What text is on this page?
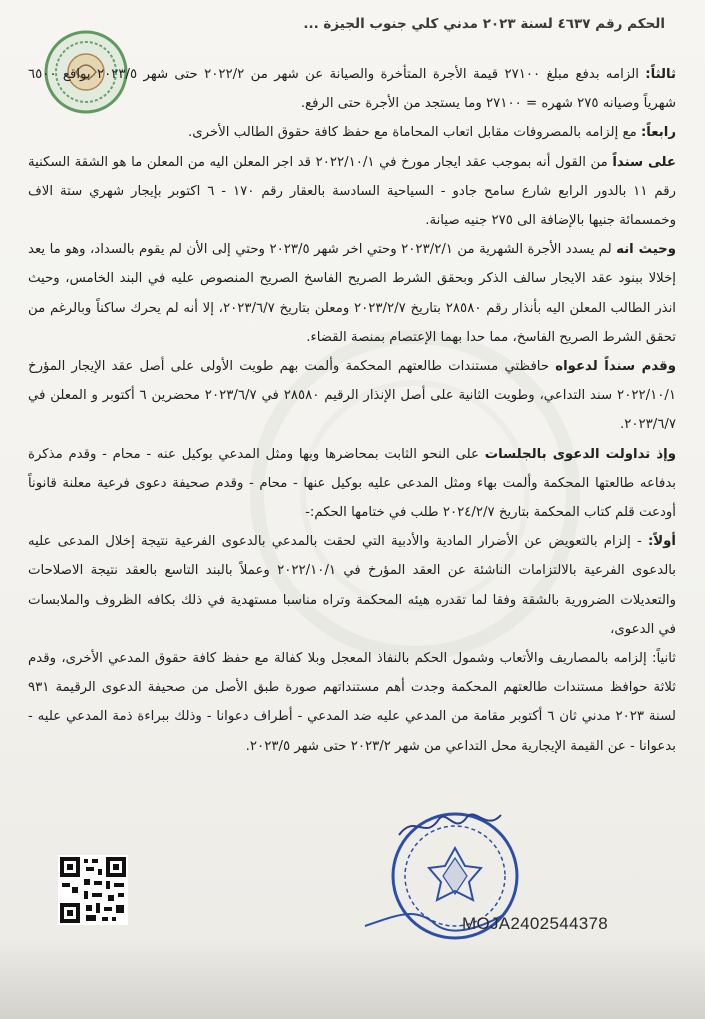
الحكم رقم ٤٦٣٧ لسنة ٢٠٢٣ مدني كلي جنوب الجيزة ...

ثالثاً: الزامه بدفع مبلغ ٢٧١٠٠ قيمة الأجرة المتأخرة والصيانة عن شهر من ٢٠٢٢/٢ حتى شهر ٢٠٢٣/٥ بواقع ٦٥٠٠ شهرياً وصيانه ٢٧٥ شهره = ٢٧١٠٠ وما يستجد من الأجرة حتى الرفع.

رابعاً: مع إلزامه بالمصروفات مقابل اتعاب المحاماة مع حفظ كافة حقوق الطالب الأخرى.

على سنداً من القول أنه بموجب عقد ايجار مورخ في ٢٠٢٢/١٠/١ قد اجر المعلن اليه من المعلن ما هو الشقة السكنية رقم ١١ بالدور الرابع شارع سامح جادو - السياحية السادسة بالعقار رقم ١٧٠ - ٦ اكتوبر بإيجار شهري ستة الاف وخمسمائة جنيها بالإضافة الى ٢٧٥ جنيه صيانة.

وحيث انه لم يسدد الأجرة الشهرية من ٢٠٢٣/٢/١ وحتي اخر شهر ٢٠٢٣/٥ وحتي إلى الأن لم يقوم بالسداد، وهو ما يعد إخلالا ببنود عقد الايجار سالف الذكر وبحقق الشرط الصريح الفاسخ الصريح المنصوص عليه في البند الخامس، وحيث انذر الطالب المعلن اليه بأنذار رقم ٢٨٥٨٠ بتاريخ ٢٠٢٣/٢/٧ ومعلن بتاريخ ٢٠٢٣/٦/٧، إلا أنه لم يحرك ساكناً وبالرغم من تحقق الشرط الصريح الفاسخ، مما حدا بهما الإعتصام بمنصة القضاء.

وقدم سنداً لدعواه حافظتي مستندات طالعتهم المحكمة وألمت بهم طويت الأولى على أصل عقد الإيجار المؤرخ ٢٠٢٢/١٠/١ سند التداعي، وطويت الثانية على أصل الإنذار الرقيم ٢٨٥٨٠ في ٢٠٢٣/٦/٧ محضرين ٦ أكتوبر و المعلن في ٢٠٢٣/٦/٧.

وإذ تداولت الدعوى بالجلسات على النحو الثابت بمحاضرها وبها ومثل المدعي بوكيل عنه - محام - وقدم مذكرة بدفاعه طالعتها المحكمة وألمت بهاء ومثل المدعى عليه بوكيل عنها - محام - وقدم صحيفة دعوى فرعية معلنة قانوناً أودعت قلم كتاب المحكمة بتاريخ ٢٠٢٤/٢/٧ طلب في ختامها الحكم:-

أولاً: - إلزام بالتعويض عن الأضرار المادية والأدبية التي لحقت بالمدعي بالدعوى الفرعية نتيجة إخلال المدعى عليه بالدعوى الفرعية بالالتزامات الناشئة عن العقد المؤرخ في ٢٠٢٢/١٠/١ وعملاً بالبند التاسع بالعقد نتيجة الاصلاحات والتعديلات الضرورية بالشقة وفقا لما تقدره هيئه المحكمة وتراه مناسبا مستهدية في ذلك بكافه الظروف والملابسات في الدعوى،

ثانياً: إلزامه بالمصاريف والأتعاب وشمول الحكم بالنفاذ المعجل وبلا كفالة مع حفظ كافة حقوق المدعي الأخرى، وقدم ثلاثة حوافظ مستندات طالعتهم المحكمة وجدت أهم مستنداتهم صورة طبق الأصل من صحيفة الدعوى الرقيمة ٩٣١ لسنة ٢٠٢٣ مدني ثان ٦ أكتوبر مقامة من المدعي عليه ضد المدعي - أطراف دعوانا - وذلك ببراءة ذمة المدعي عليه - بدعوانا - عن القيمة الإيجارية محل التداعي من شهر ٢٠٢٣/٢ حتى شهر ٢٠٢٣/٥.

MOJA2402544378
